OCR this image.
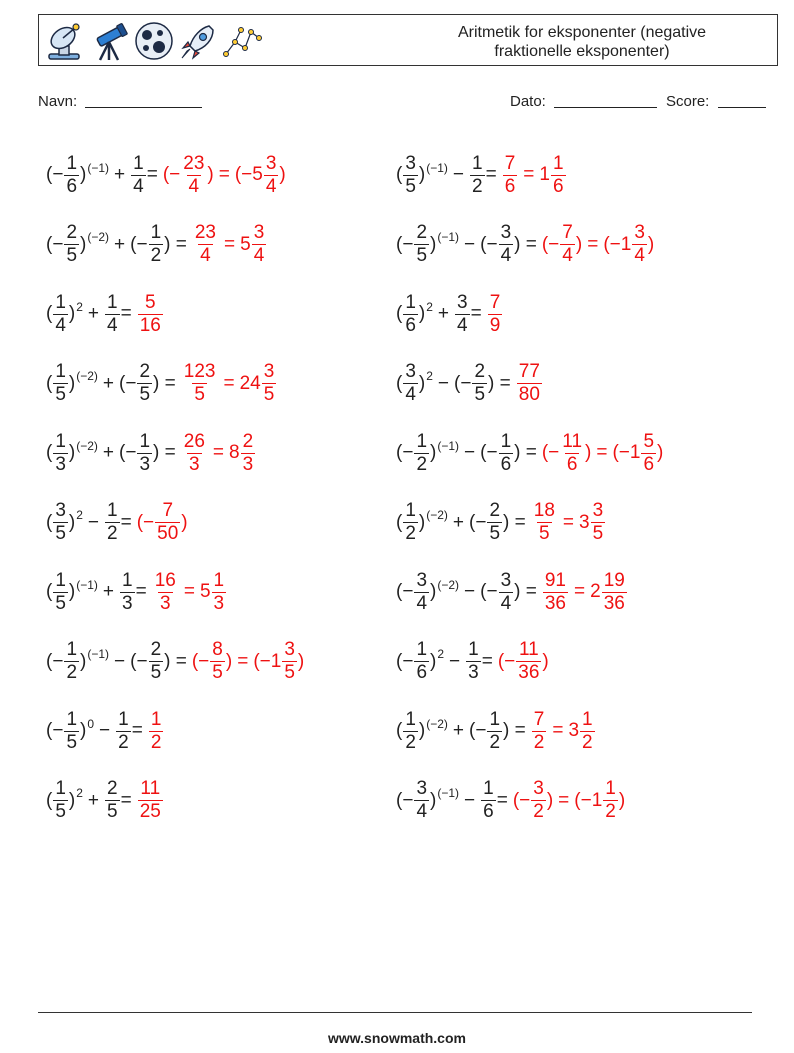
Aritmetik for eksponenter (negative
fraktionelle eksponenter)
Navn:	Dato:	Score:
(− $\frac{1}{6}$ ) $(-1) + \frac{1}{4}$ = (− $\frac{23}{4}$ ) = ($-5 \frac{3}{4}$ )	( $\frac{3}{5}$ ) $(-1) - \frac{1}{2} = \frac{7}{6} = 1 \frac{1}{6}$
(− $\frac{2}{5}$ ) (−2) + (− $\frac{1}{2}$ ) = $\frac{23}{4} = 5 \frac{3}{4}$	(− $\frac{2}{5}$ ) (−1) − (− $\frac{3}{4}$ ) = (− $\frac{7}{4}$ ) = ($-1 \frac{3}{4}$ )
( $\frac{1}{4}$ ) $2 + \frac{1}{4} = \frac{5}{16}$	( $\frac{1}{6}$ ) $2 + \frac{3}{4} = \frac{7}{9}$
( $\frac{1}{5}$ ) (−2) + (− $\frac{2}{5}$ ) = $\frac{123}{5} = 24 \frac{3}{5}$	( $\frac{3}{4}$ ) 2 − (− $\frac{2}{5}$ ) = $\frac{77}{80}$
( $\frac{1}{3}$ ) (−2) + (− $\frac{1}{3}$ ) = $\frac{26}{3} = 8 \frac{2}{3}$	(− $\frac{1}{2}$ ) (−1) − (− $\frac{1}{6}$ ) = (− $\frac{11}{6}$ ) = ($-1 \frac{5}{6}$ )
( $\frac{3}{5}$ ) $2 - \frac{1}{2}$ = (− $\frac{7}{50}$ )	( $\frac{1}{2}$ ) (−2) + (− $\frac{2}{5}$ ) = $\frac{18}{5} = 3 \frac{3}{5}$
( $\frac{1}{5}$ ) $(-1) + \frac{1}{3} = \frac{16}{3} = 5 \frac{1}{3}$	(− $\frac{3}{4}$ ) (−2) − (− $\frac{3}{4}$ ) = $\frac{91}{36} = 2 \frac{19}{36}$
(− $\frac{1}{2}$ ) (−1) − (− $\frac{2}{5}$ ) = (− $\frac{8}{5}$ ) = ($-1 \frac{3}{5}$ )	(− $\frac{1}{6}$ ) $2 - \frac{1}{3}$ = (− $\frac{11}{36}$ )
(− $\frac{1}{5}$ ) $0 - \frac{1}{2} = \frac{1}{2}$	( $\frac{1}{2}$ ) (−2) + (− $\frac{1}{2}$ ) = $\frac{7}{2} = 3 \frac{1}{2}$
( $\frac{1}{5}$ ) $2 + \frac{2}{5} = \frac{11}{25}$	(− $\frac{3}{4}$ ) $(-1) - \frac{1}{6}$ = (− $\frac{3}{2}$ ) = ($-1 \frac{1}{2}$ )
www.snowmath.com
